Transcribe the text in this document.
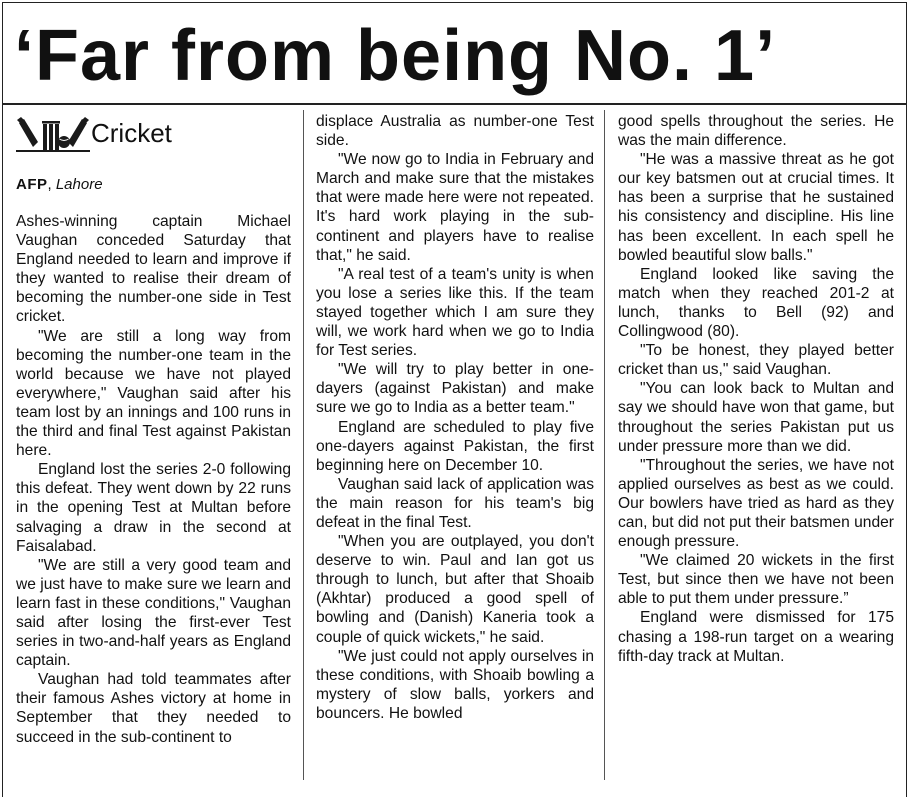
‘Far from being No. 1’
Cricket
AFP, Lahore

Ashes-winning captain Michael Vaughan conceded Saturday that England needed to learn and improve if they wanted to realise their dream of becoming the number-one side in Test cricket.

"We are still a long way from becoming the number-one team in the world because we have not played everywhere," Vaughan said after his team lost by an innings and 100 runs in the third and final Test against Pakistan here.

England lost the series 2-0 following this defeat. They went down by 22 runs in the opening Test at Multan before salvaging a draw in the second at Faisalabad.

"We are still a very good team and we just have to make sure we learn and learn fast in these conditions," Vaughan said after losing the first-ever Test series in two-and-half years as England captain.

Vaughan had told teammates after their famous Ashes victory at home in September that they needed to succeed in the sub-continent to

displace Australia as number-one Test side.

"We now go to India in February and March and make sure that the mistakes that were made here were not repeated. It's hard work playing in the sub-continent and players have to realise that," he said.

"A real test of a team's unity is when you lose a series like this. If the team stayed together which I am sure they will, we work hard when we go to India for Test series.

"We will try to play better in one-dayers (against Pakistan) and make sure we go to India as a better team."

England are scheduled to play five one-dayers against Pakistan, the first beginning here on December 10.

Vaughan said lack of application was the main reason for his team's big defeat in the final Test.

"When you are outplayed, you don't deserve to win. Paul and Ian got us through to lunch, but after that Shoaib (Akhtar) produced a good spell of bowling and (Danish) Kaneria took a couple of quick wickets," he said.

"We just could not apply ourselves in these conditions, with Shoaib bowling a mystery of slow balls, yorkers and bouncers. He bowled

good spells throughout the series. He was the main difference.

"He was a massive threat as he got our key batsmen out at crucial times. It has been a surprise that he sustained his consistency and discipline. His line has been excellent. In each spell he bowled beautiful slow balls."

England looked like saving the match when they reached 201-2 at lunch, thanks to Bell (92) and Collingwood (80).

"To be honest, they played better cricket than us," said Vaughan.

"You can look back to Multan and say we should have won that game, but throughout the series Pakistan put us under pressure more than we did.

"Throughout the series, we have not applied ourselves as best as we could. Our bowlers have tried as hard as they can, but did not put their batsmen under enough pressure.

"We claimed 20 wickets in the first Test, but since then we have not been able to put them under pressure.”

England were dismissed for 175 chasing a 198-run target on a wearing fifth-day track at Multan.
